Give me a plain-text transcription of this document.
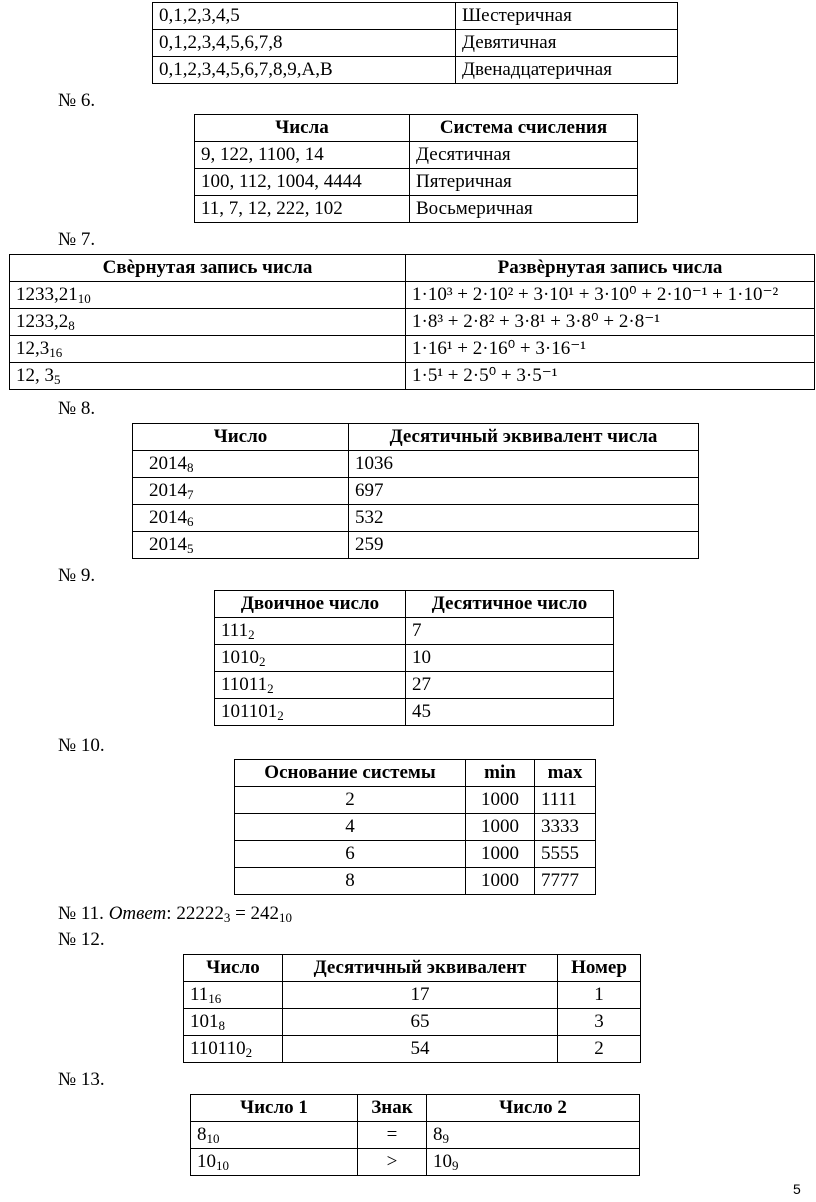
0,1,2,3,4,5	Шестеричная
0,1,2,3,4,5,6,7,8	Девятичная
0,1,2,3,4,5,6,7,8,9,A,B	Двенадцатеричная
№ 6.
Числа	Система счисления
9, 122, 1100, 14	Десятичная
100, 112, 1004, 4444	Пятеричная
11, 7, 12, 222, 102	Восьмеричная
№ 7.
Свѐрнутая запись числа	Развѐрнутая запись числа
$1233,21_{10}$	1·10³ + 2·10² + 3·10¹ + 3·10⁰ + 2·10⁻¹ + 1·10⁻²
$1233,2_8$	1·8³ + 2·8² + 3·8¹ + 3·8⁰ + 2·8⁻¹
$12,3_{16}$	1·16¹ + 2·16⁰ + 3·16⁻¹
12, $3_5$	1·5¹ + 2·5⁰ + 3·5⁻¹
№ 8.
Число	Десятичный эквивалент числа
$2014_8$	1036
$2014_7$	697
$2014_6$	532
$2014_5$	259
№ 9.
Двоичное число	Десятичное число
$111_2$	7
$1010_2$	10
$11011_2$	27
$101101_2$	45
№ 10.
Основание системы	min	max
2	1000	1111
4	1000	3333
6	1000	5555
8	1000	7777
№ 11. Ответ: $22222_3 = 242_{10}$
№ 12.
Число	Десятичный эквивалент	Номер
$11_{16}$	17	1
$101_8$	65	3
$110110_2$	54	2
№ 13.
Число 1	Знак	Число 2
$8_{10}$	=	$8_9$
$10_{10}$	>	$10_9$
5
